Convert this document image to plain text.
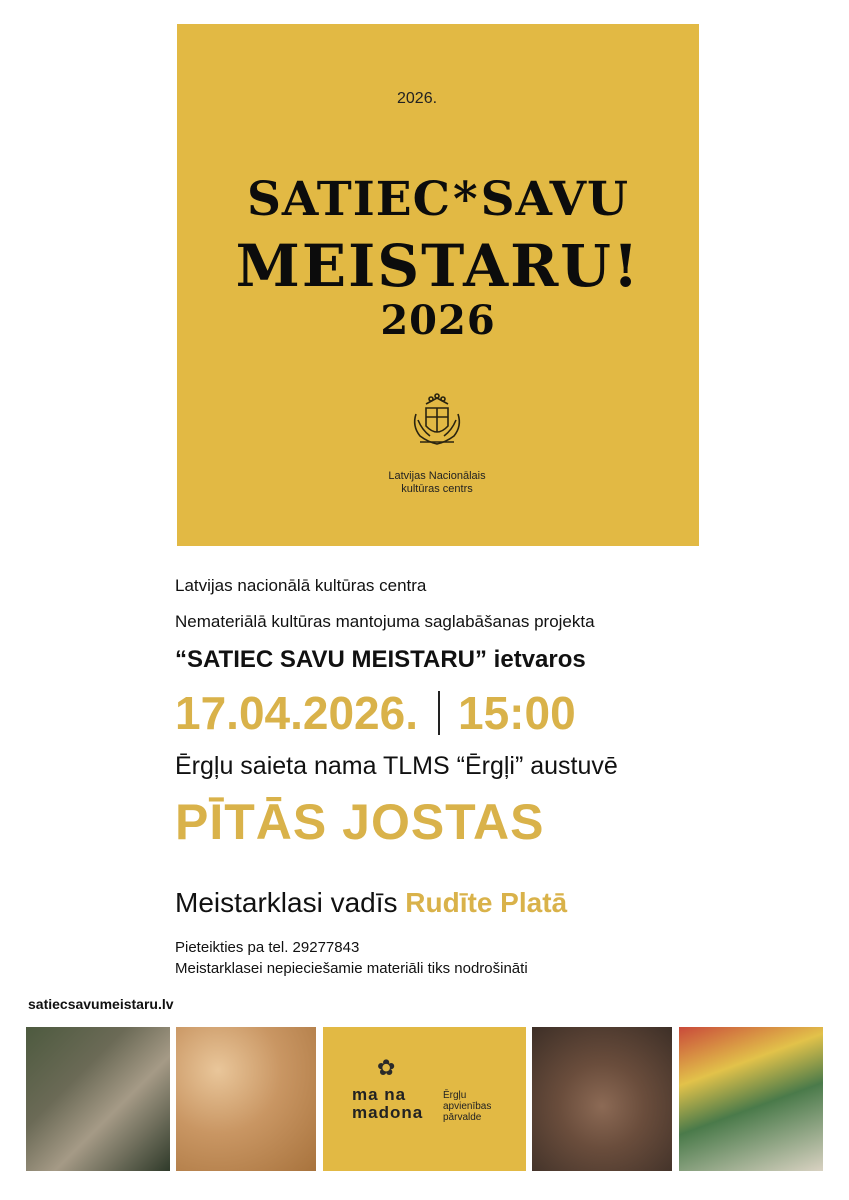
2026.
SATIEC*SAVU
MEISTARU!
2026
Latvijas Nacionālais
kultūras centrs
Latvijas nacionālā kultūras centra
Nemateriālā kultūras mantojuma saglabāšanas projekta
“SATIEC SAVU MEISTARU” ietvaros
17.04.2026. 15:00
Ērgļu saieta nama TLMS “Ērgļi” austuvē
PĪTĀS JOSTAS
Meistarklasi vadīs Rudīte Platā
Pieteikties pa tel. 29277843
Meistarklasei nepieciešamie materiāli tiks nodrošināti
satiecsavumeistaru.lv
✿
ma na
madona
Ērgļu
apvienības
pārvalde
